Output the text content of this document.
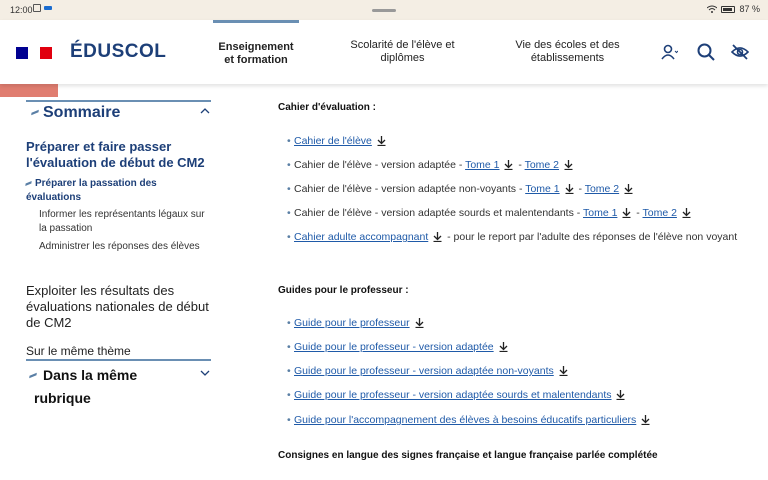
12:00	87 %
ÉDUSCOL	Enseignement et formation
Scolarité de l'élève et diplômes
Vie des écoles et des établissements
Sommaire
Préparer et faire passer l'évaluation de début de CM2
Préparer la passation des évaluations
Informer les représentants légaux sur la passation
Administrer les réponses des élèves
Exploiter les résultats des évaluations nationales de début de CM2
Sur le même thème
Dans la même rubrique
Cahier d'évaluation :
• Cahier de l'élève
• Cahier de l'élève - version adaptée - Tome 1  - Tome 2
• Cahier de l'élève - version adaptée non-voyants - Tome 1  - Tome 2
• Cahier de l'élève - version adaptée sourds et malentendants - Tome 1  - Tome 2
• Cahier adulte accompagnant  - pour le report par l'adulte des réponses de l'élève non voyant
Guides pour le professeur :
• Guide pour le professeur
• Guide pour le professeur - version adaptée
• Guide pour le professeur - version adaptée non-voyants
• Guide pour le professeur - version adaptée sourds et malentendants
• Guide pour l'accompagnement des élèves à besoins éducatifs particuliers
Consignes en langue des signes française et langue française parlée complétée
